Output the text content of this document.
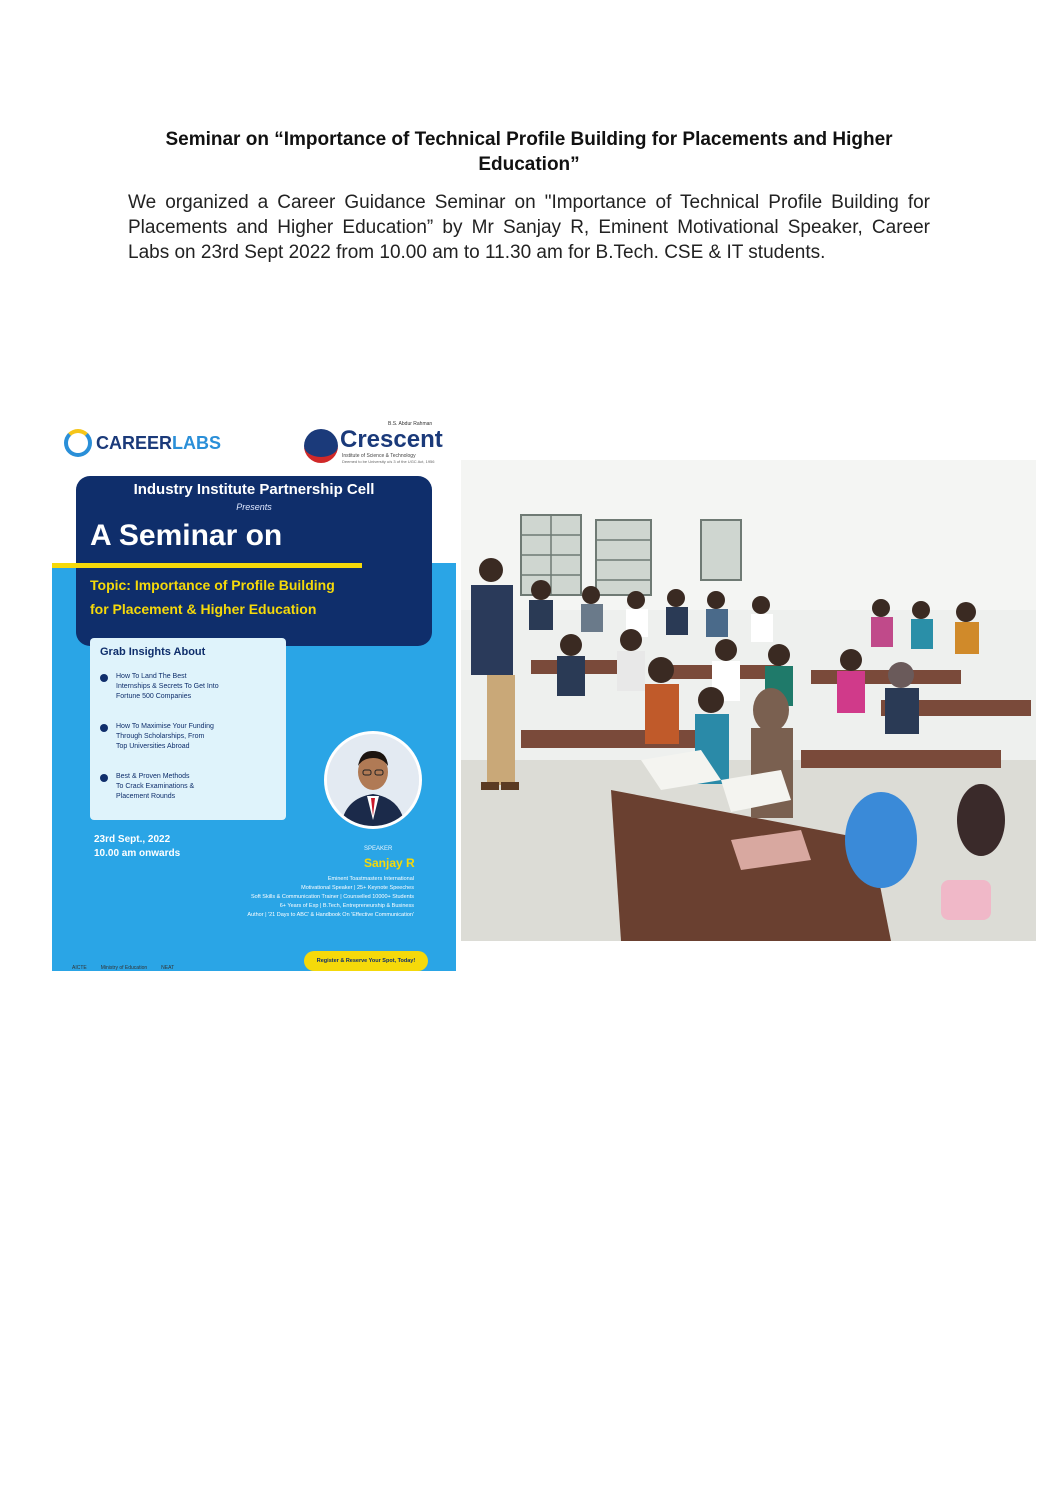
Seminar on “Importance of Technical Profile Building for Placements and Higher
Education”
We organized a Career Guidance Seminar on "Importance of Technical Profile Building for Placements and Higher Education” by Mr Sanjay R, Eminent Motivational Speaker, Career Labs on 23rd Sept 2022 from 10.00 am to 11.30 am for B.Tech. CSE & IT students.
CAREERLABS
B.S. Abdur Rahman
Crescent
Institute of Science & Technology
Deemed to be University u/s 3 of the UGC Act, 1956
Industry Institute Partnership Cell
Presents
A Seminar on
Topic: Importance of Profile Building
for Placement & Higher Education
Grab Insights About
How To Land The Best
Internships & Secrets To Get Into
Fortune 500 Companies
How To Maximise Your Funding
Through Scholarships, From
Top Universities Abroad
Best & Proven Methods
To Crack Examinations &
Placement Rounds
23rd Sept., 2022
10.00 am onwards	SPEAKER
Sanjay R
Eminent Toastmasters International
Motivational Speaker | 25+ Keynote Speeches
Soft Skills & Communication Trainer | Counselled 10000+ Students
6+ Years of Exp | B.Tech, Entrepreneurship & Business
Author | '21 Days to ABC' & Handbook On 'Effective Communication'
Register & Reserve Your Spot, Today!
AICTE	Ministry of Education	NEAT
